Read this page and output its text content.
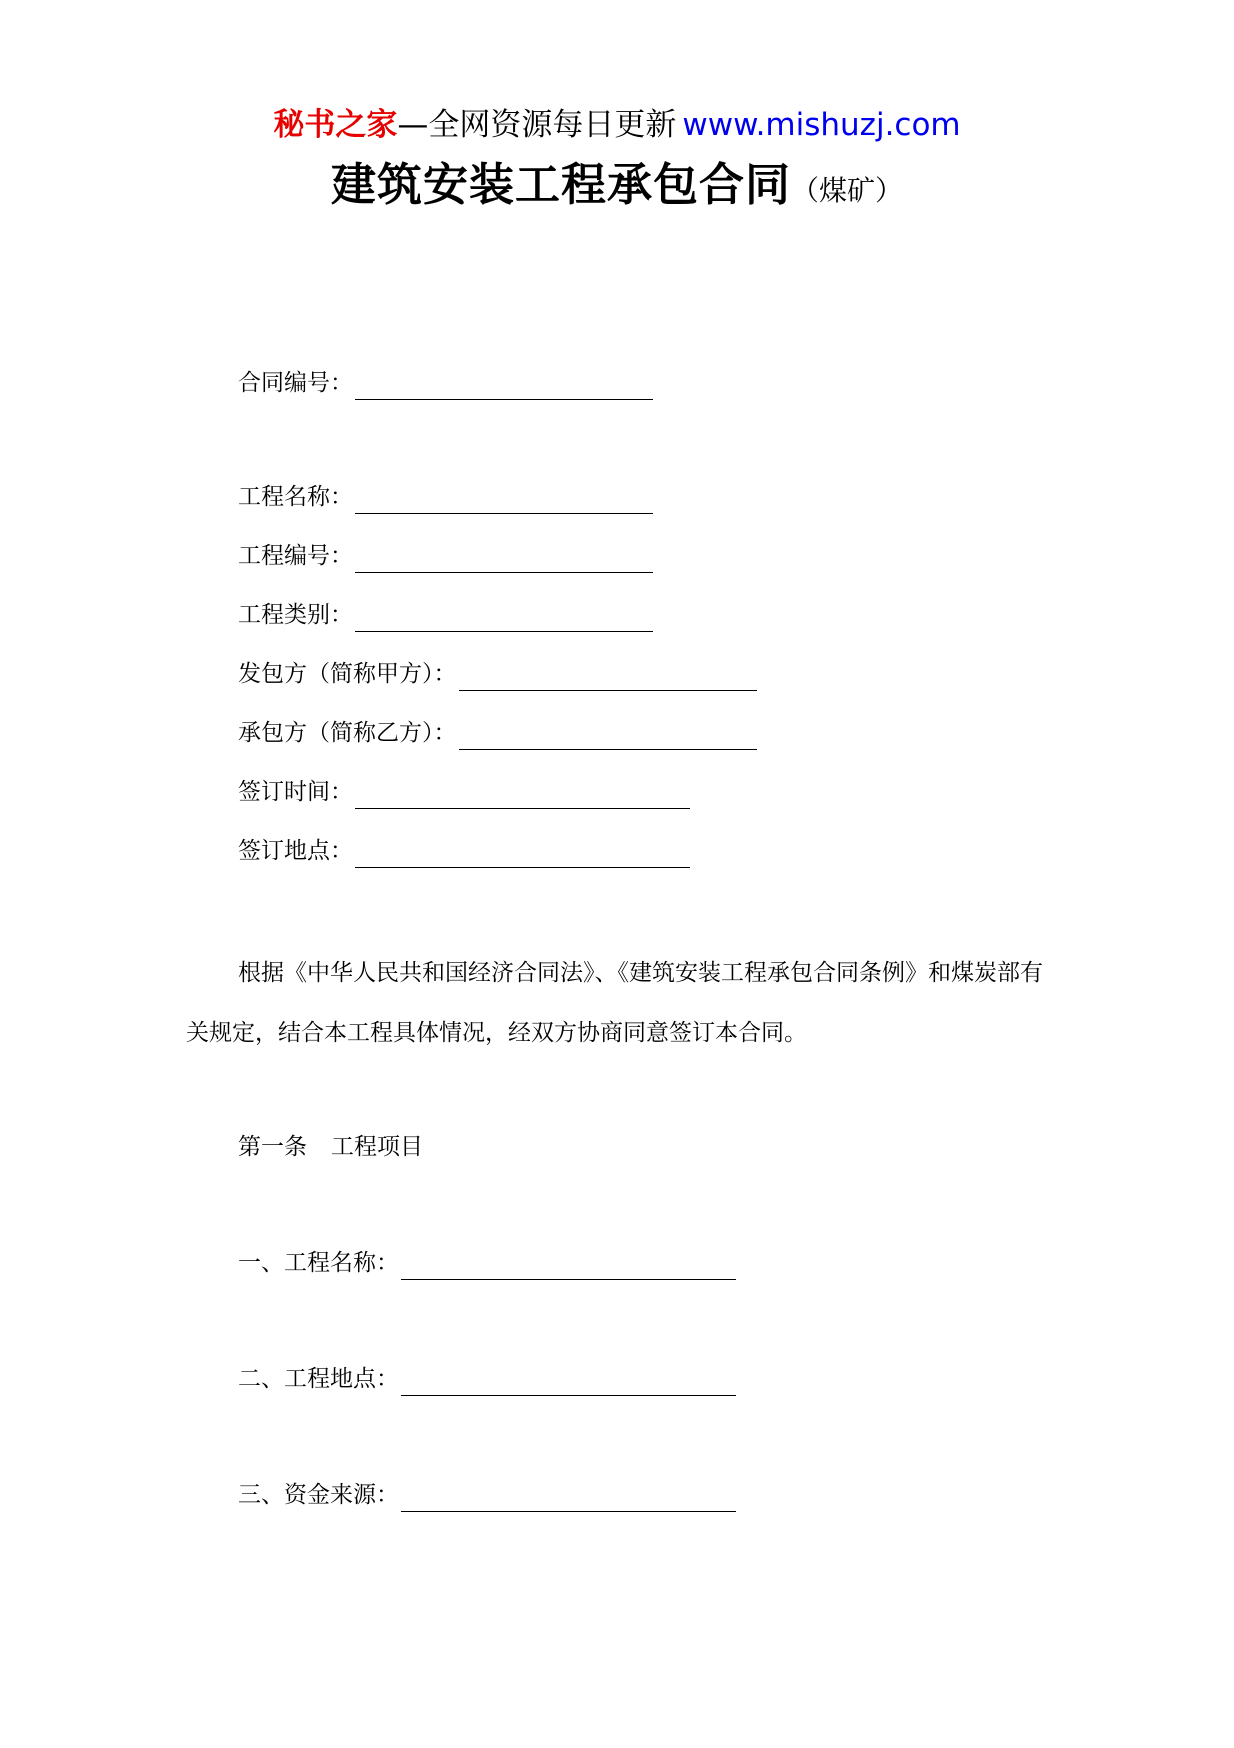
秘书之家—全网资源每日更新 www.mishuzj.com
建筑安装工程承包合同（煤矿）
合同编号：
工程名称：
工程编号：
工程类别：
发包方（简称甲方）：
承包方（简称乙方）：
签订时间：
签订地点：
根据《中华人民共和国经济合同法》、《建筑安装工程承包合同条例》和煤炭部有关规定，结合本工程具体情况，经双方协商同意签订本合同。
第一条 工程项目
一、工程名称：
二、工程地点：
三、资金来源：
